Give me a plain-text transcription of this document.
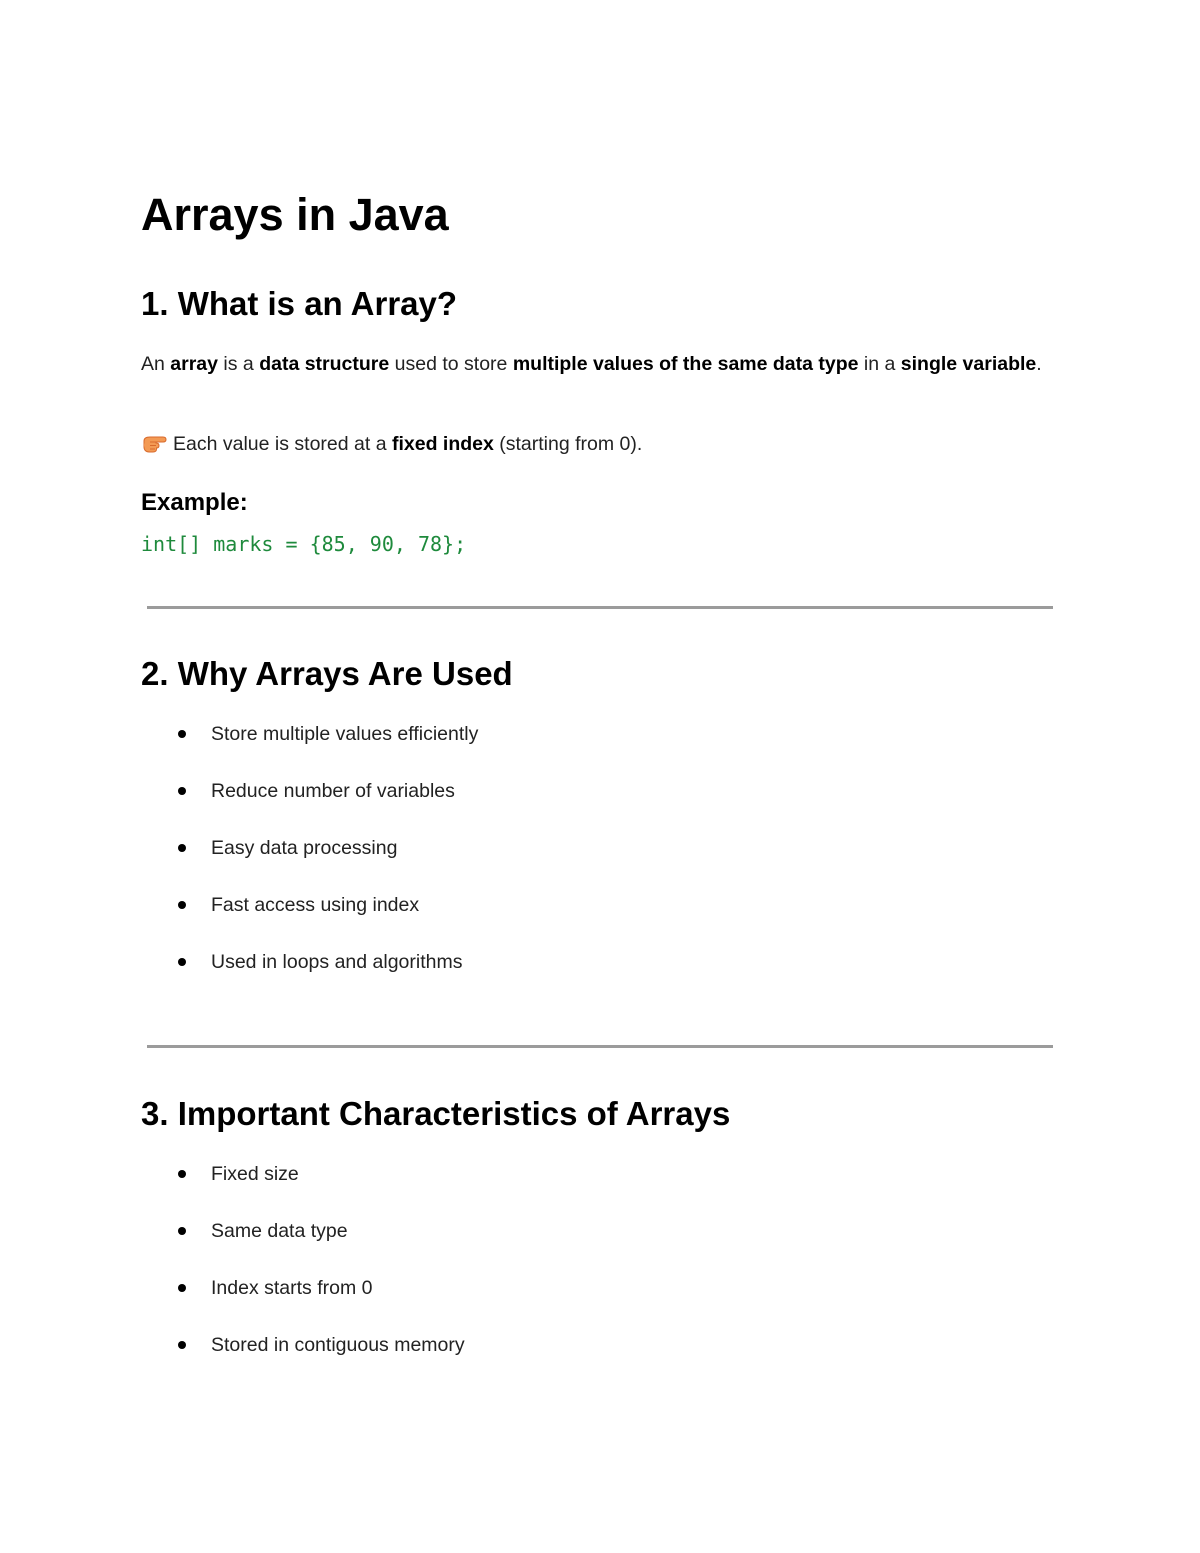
Arrays in Java
1. What is an Array?

An array is a data structure used to store multiple values of the same data type in a single variable.

Each value is stored at a fixed index (starting from 0).

Example:
int[] marks = {85, 90, 78};
2. Why Arrays Are Used
Store multiple values efficiently
Reduce number of variables
Easy data processing
Fast access using index
Used in loops and algorithms
3. Important Characteristics of Arrays
Fixed size
Same data type
Index starts from 0
Stored in contiguous memory
